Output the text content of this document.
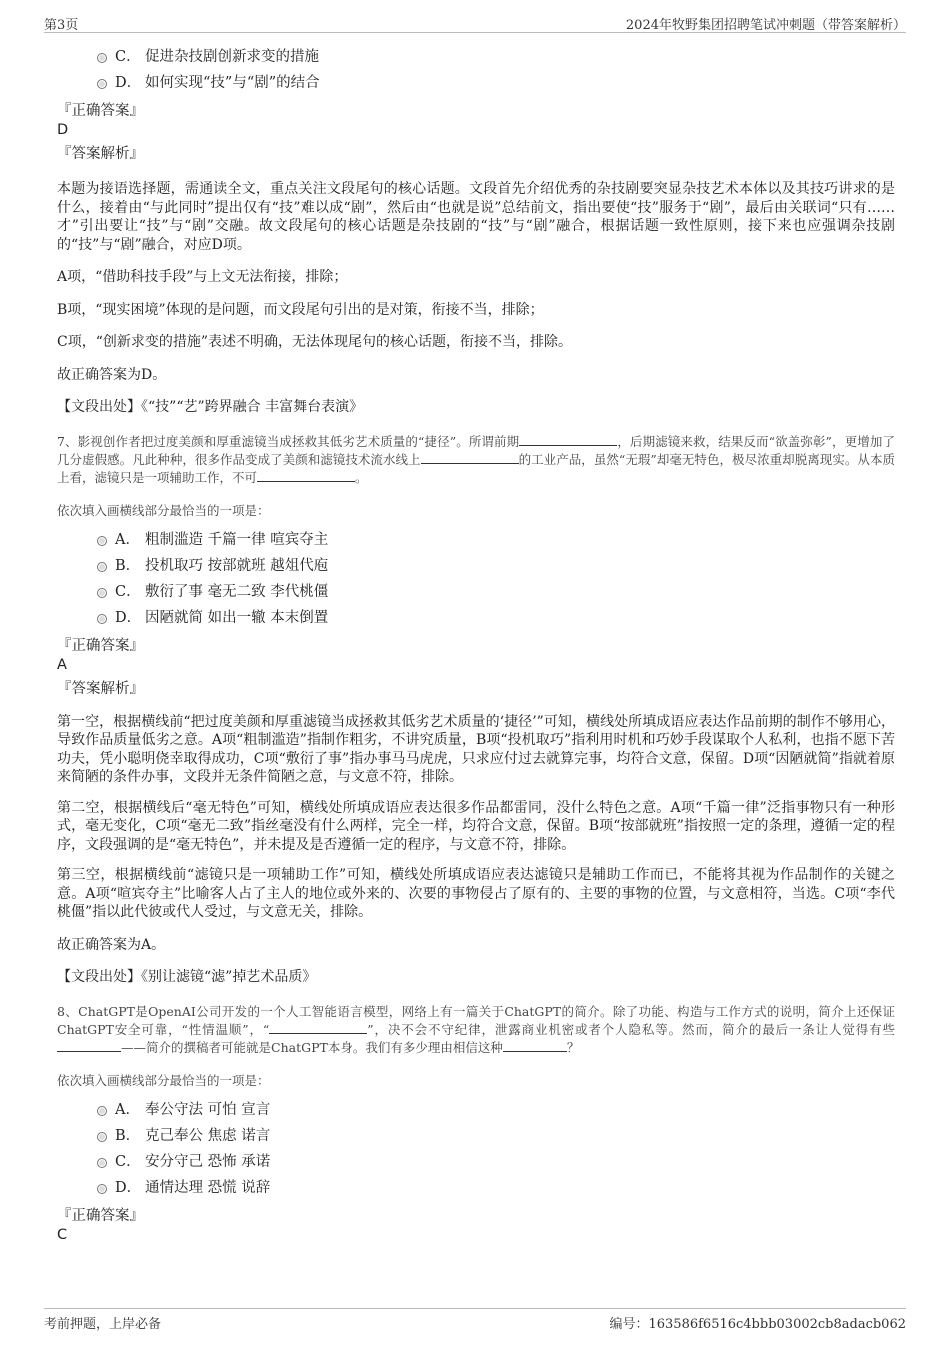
第3页	2024年牧野集团招聘笔试冲刺题（带答案解析）
C． 促进杂技剧创新求变的措施
D． 如何实现“技”与“剧”的结合
『正确答案』
D
『答案解析』

本题为接语选择题，需通读全文，重点关注文段尾句的核心话题。文段首先介绍优秀的杂技剧要突显杂技艺术本体以及其技巧讲求的是什么，接着由“与此同时”提出仅有“技”难以成“剧”，然后由“也就是说”总结前文，指出要使“技”服务于“剧”，最后由关联词“只有……才”引出要让“技”与“剧”交融。故文段尾句的核心话题是杂技剧的“技”与“剧”融合，根据话题一致性原则，接下来也应强调杂技剧的“技”与“剧”融合，对应D项。

A项，“借助科技手段”与上文无法衔接，排除；

B项，“现实困境”体现的是问题，而文段尾句引出的是对策，衔接不当，排除；

C项，“创新求变的措施”表述不明确，无法体现尾句的核心话题，衔接不当，排除。

故正确答案为D。

【文段出处】《“技”“艺”跨界融合 丰富舞台表演》

7、影视创作者把过度美颜和厚重滤镜当成拯救其低劣艺术质量的“捷径”。所谓前期	，后期滤镜来救，结果反而“欲盖弥彰”，更增加了几分虚假感。凡此种种，很多作品变成了美颜和滤镜技术流水线上	的工业产品，虽然“无瑕”却毫无特色，极尽浓重却脱离现实。从本质上看，滤镜只是一项辅助工作，不可	。
依次填入画横线部分最恰当的一项是：
A． 粗制滥造 千篇一律 喧宾夺主
B． 投机取巧 按部就班 越俎代庖
C． 敷衍了事 毫无二致 李代桃僵
D． 因陋就简 如出一辙 本末倒置
『正确答案』
A
『答案解析』

第一空，根据横线前“把过度美颜和厚重滤镜当成拯救其低劣艺术质量的‘捷径’”可知，横线处所填成语应表达作品前期的制作不够用心，导致作品质量低劣之意。A项“粗制滥造”指制作粗劣，不讲究质量，B项“投机取巧”指利用时机和巧妙手段谋取个人私利，也指不愿下苦功夫，凭小聪明侥幸取得成功，C项“敷衍了事”指办事马马虎虎，只求应付过去就算完事，均符合文意，保留。D项“因陋就简”指就着原来简陋的条件办事，文段并无条件简陋之意，与文意不符，排除。

第二空，根据横线后“毫无特色”可知，横线处所填成语应表达很多作品都雷同，没什么特色之意。A项“千篇一律”泛指事物只有一种形式，毫无变化，C项“毫无二致”指丝毫没有什么两样，完全一样，均符合文意，保留。B项“按部就班”指按照一定的条理，遵循一定的程序，文段强调的是“毫无特色”，并未提及是否遵循一定的程序，与文意不符，排除。

第三空，根据横线前“滤镜只是一项辅助工作”可知，横线处所填成语应表达滤镜只是辅助工作而已，不能将其视为作品制作的关键之意。A项“喧宾夺主”比喻客人占了主人的地位或外来的、次要的事物侵占了原有的、主要的事物的位置，与文意相符，当选。C项“李代桃僵”指以此代彼或代人受过，与文意无关，排除。

故正确答案为A。

【文段出处】《别让滤镜“滤”掉艺术品质》

8、ChatGPT是OpenAI公司开发的一个人工智能语言模型，网络上有一篇关于ChatGPT的简介。除了功能、构造与工作方式的说明，简介上还保证ChatGPT安全可靠，“性情温顺”，“	”，决不会不守纪律，泄露商业机密或者个人隐私等。然而，简介的最后一条让人觉得有些——简介的撰稿者可能就是ChatGPT本身。我们有多少理由相信这种	？
依次填入画横线部分最恰当的一项是：
A． 奉公守法 可怕 宣言
B． 克己奉公 焦虑 诺言
C． 安分守己 恐怖 承诺
D． 通情达理 恐慌 说辞
『正确答案』
C
考前押题，上岸必备	编号：163586f6516c4bbb03002cb8adacb062
